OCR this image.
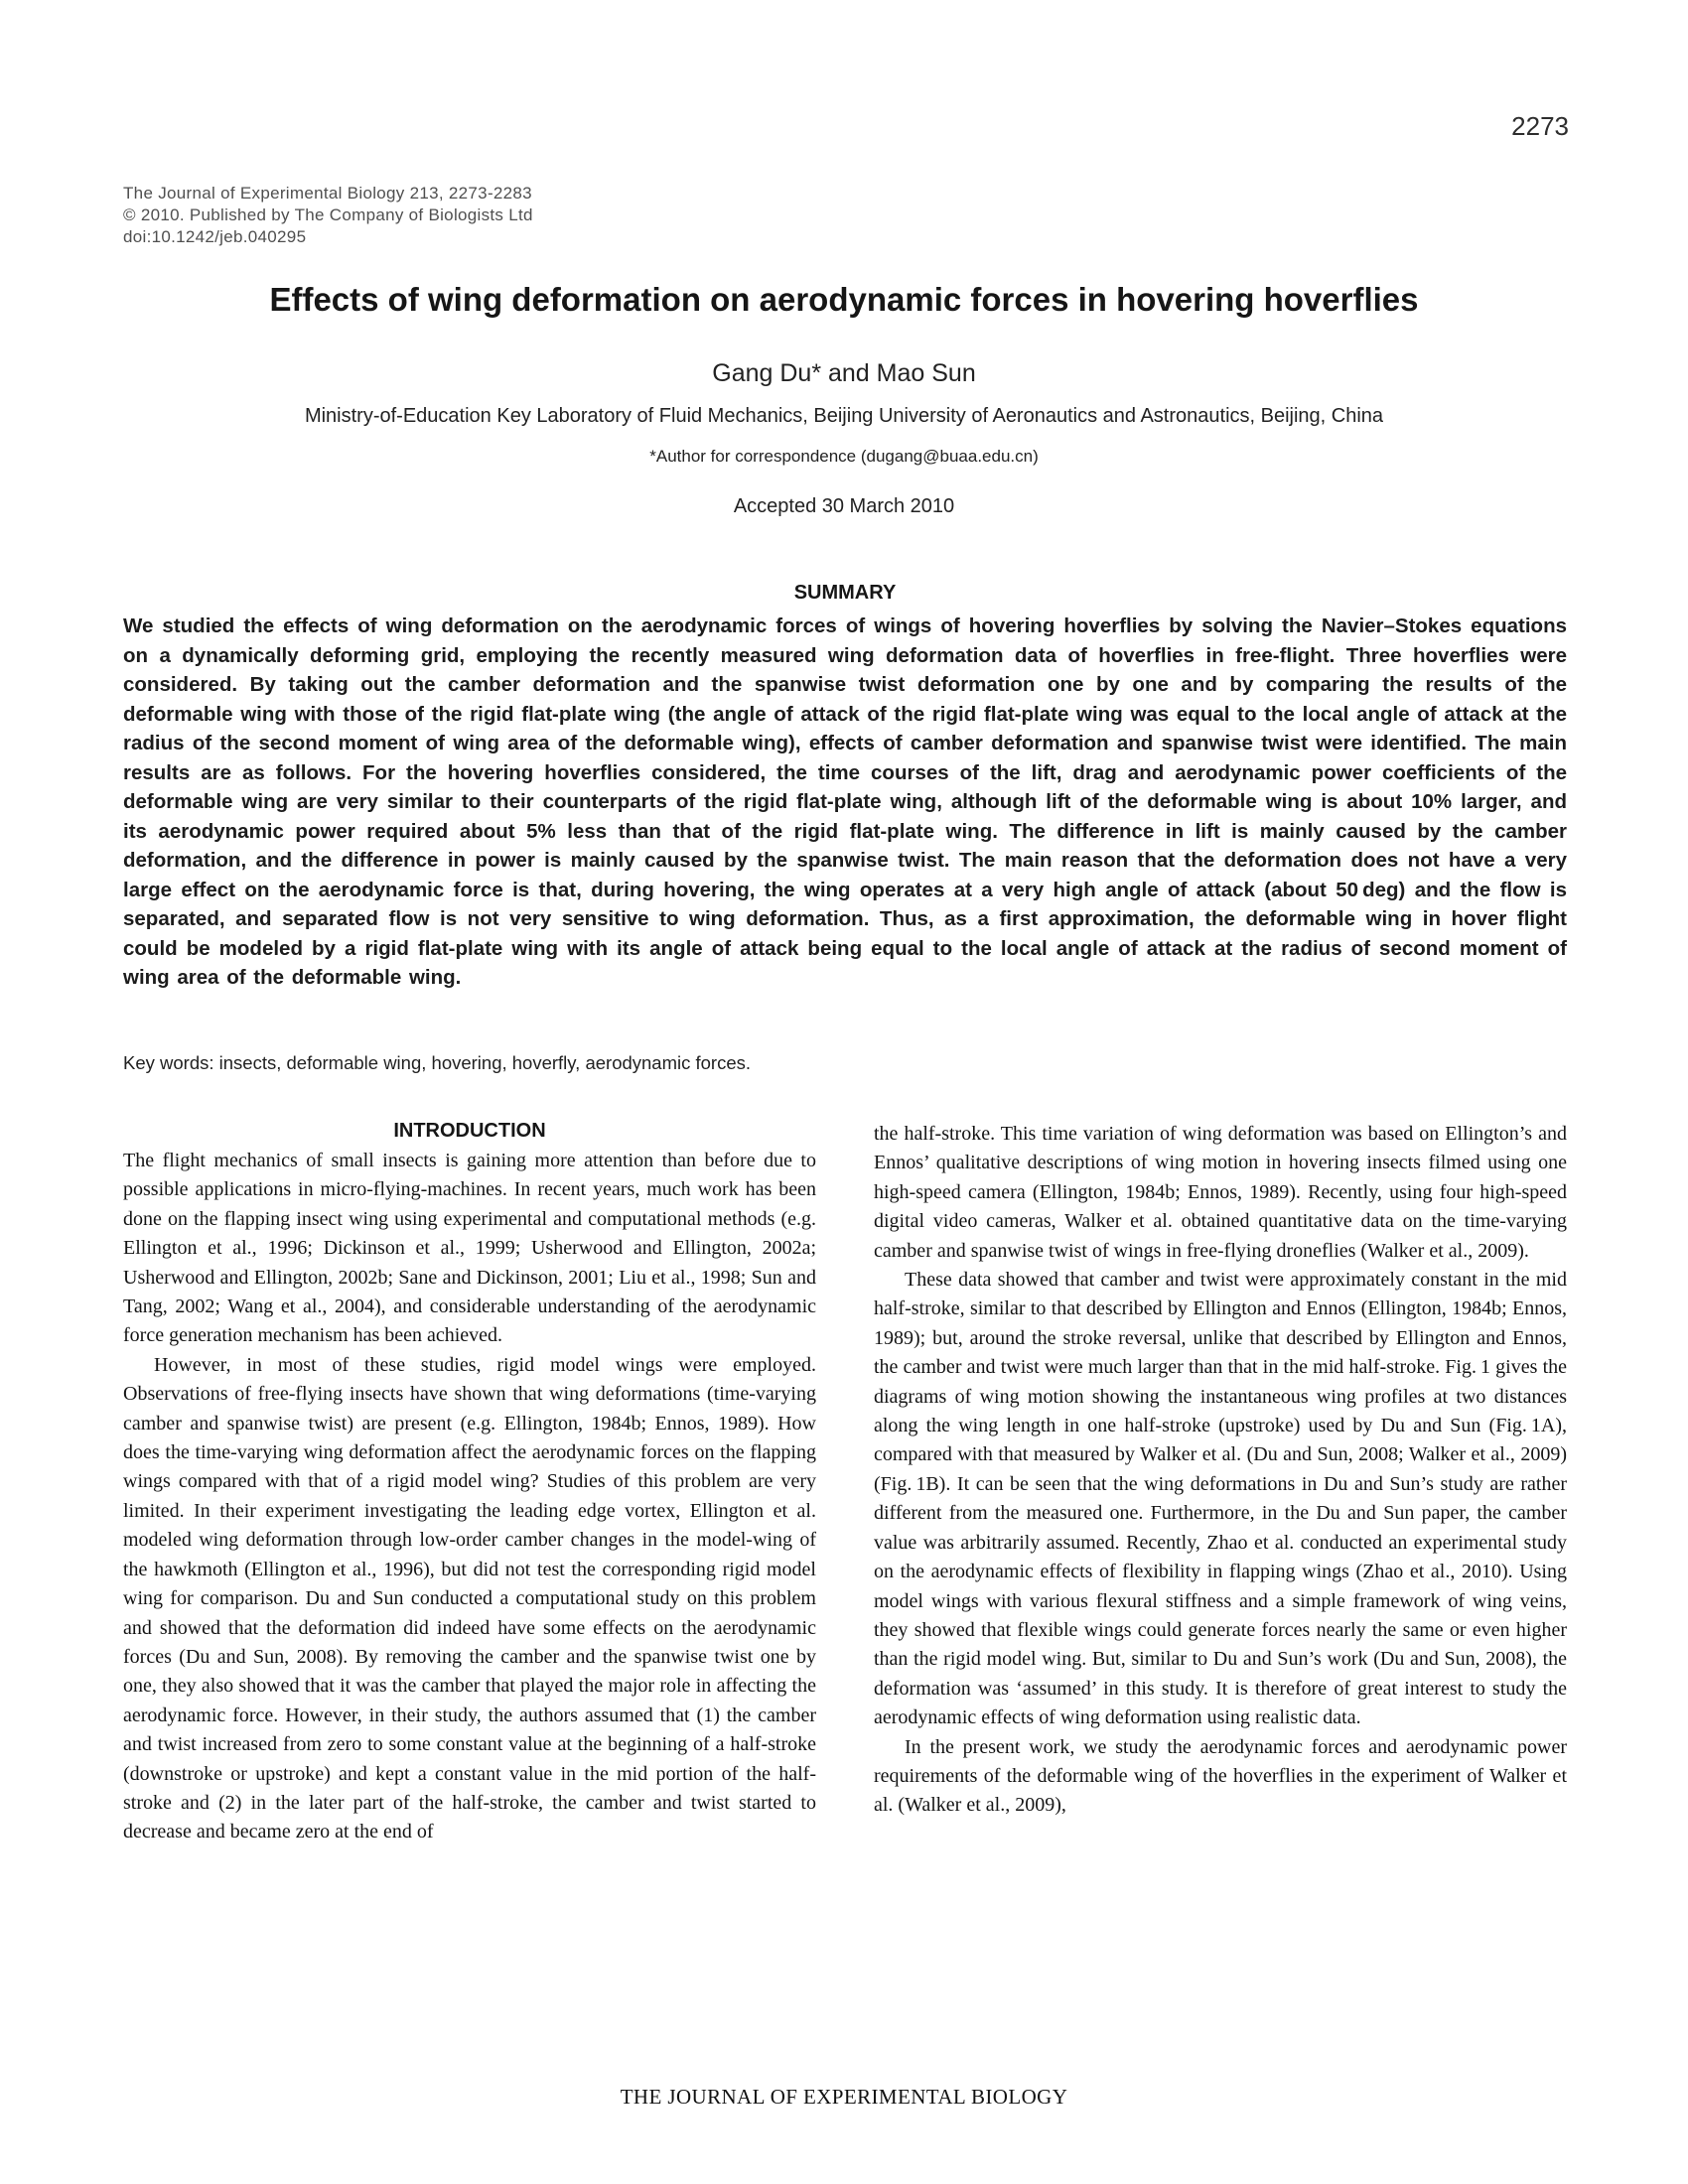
2273
The Journal of Experimental Biology 213, 2273-2283
© 2010. Published by The Company of Biologists Ltd
doi:10.1242/jeb.040295
Effects of wing deformation on aerodynamic forces in hovering hoverflies
Gang Du* and Mao Sun
Ministry-of-Education Key Laboratory of Fluid Mechanics, Beijing University of Aeronautics and Astronautics, Beijing, China
*Author for correspondence (dugang@buaa.edu.cn)
Accepted 30 March 2010
SUMMARY

We studied the effects of wing deformation on the aerodynamic forces of wings of hovering hoverflies by solving the Navier–Stokes equations on a dynamically deforming grid, employing the recently measured wing deformation data of hoverflies in free-flight. Three hoverflies were considered. By taking out the camber deformation and the spanwise twist deformation one by one and by comparing the results of the deformable wing with those of the rigid flat-plate wing (the angle of attack of the rigid flat-plate wing was equal to the local angle of attack at the radius of the second moment of wing area of the deformable wing), effects of camber deformation and spanwise twist were identified. The main results are as follows. For the hovering hoverflies considered, the time courses of the lift, drag and aerodynamic power coefficients of the deformable wing are very similar to their counterparts of the rigid flat-plate wing, although lift of the deformable wing is about 10% larger, and its aerodynamic power required about 5% less than that of the rigid flat-plate wing. The difference in lift is mainly caused by the camber deformation, and the difference in power is mainly caused by the spanwise twist. The main reason that the deformation does not have a very large effect on the aerodynamic force is that, during hovering, the wing operates at a very high angle of attack (about 50 deg) and the flow is separated, and separated flow is not very sensitive to wing deformation. Thus, as a first approximation, the deformable wing in hover flight could be modeled by a rigid flat-plate wing with its angle of attack being equal to the local angle of attack at the radius of second moment of wing area of the deformable wing.

Key words: insects, deformable wing, hovering, hoverfly, aerodynamic forces.
INTRODUCTION

The flight mechanics of small insects is gaining more attention than before due to possible applications in micro-flying-machines. In recent years, much work has been done on the flapping insect wing using experimental and computational methods (e.g. Ellington et al., 1996; Dickinson et al., 1999; Usherwood and Ellington, 2002a; Usherwood and Ellington, 2002b; Sane and Dickinson, 2001; Liu et al., 1998; Sun and Tang, 2002; Wang et al., 2004), and considerable understanding of the aerodynamic force generation mechanism has been achieved.

However, in most of these studies, rigid model wings were employed. Observations of free-flying insects have shown that wing deformations (time-varying camber and spanwise twist) are present (e.g. Ellington, 1984b; Ennos, 1989). How does the time-varying wing deformation affect the aerodynamic forces on the flapping wings compared with that of a rigid model wing? Studies of this problem are very limited. In their experiment investigating the leading edge vortex, Ellington et al. modeled wing deformation through low-order camber changes in the model-wing of the hawkmoth (Ellington et al., 1996), but did not test the corresponding rigid model wing for comparison. Du and Sun conducted a computational study on this problem and showed that the deformation did indeed have some effects on the aerodynamic forces (Du and Sun, 2008). By removing the camber and the spanwise twist one by one, they also showed that it was the camber that played the major role in affecting the aerodynamic force. However, in their study, the authors assumed that (1) the camber and twist increased from zero to some constant value at the beginning of a half-stroke (downstroke or upstroke) and kept a constant value in the mid portion of the half-stroke and (2) in the later part of the half-stroke, the camber and twist started to decrease and became zero at the end of

the half-stroke. This time variation of wing deformation was based on Ellington’s and Ennos’ qualitative descriptions of wing motion in hovering insects filmed using one high-speed camera (Ellington, 1984b; Ennos, 1989). Recently, using four high-speed digital video cameras, Walker et al. obtained quantitative data on the time-varying camber and spanwise twist of wings in free-flying droneflies (Walker et al., 2009).

These data showed that camber and twist were approximately constant in the mid half-stroke, similar to that described by Ellington and Ennos (Ellington, 1984b; Ennos, 1989); but, around the stroke reversal, unlike that described by Ellington and Ennos, the camber and twist were much larger than that in the mid half-stroke. Fig. 1 gives the diagrams of wing motion showing the instantaneous wing profiles at two distances along the wing length in one half-stroke (upstroke) used by Du and Sun (Fig. 1A), compared with that measured by Walker et al. (Du and Sun, 2008; Walker et al., 2009) (Fig. 1B). It can be seen that the wing deformations in Du and Sun’s study are rather different from the measured one. Furthermore, in the Du and Sun paper, the camber value was arbitrarily assumed. Recently, Zhao et al. conducted an experimental study on the aerodynamic effects of flexibility in flapping wings (Zhao et al., 2010). Using model wings with various flexural stiffness and a simple framework of wing veins, they showed that flexible wings could generate forces nearly the same or even higher than the rigid model wing. But, similar to Du and Sun’s work (Du and Sun, 2008), the deformation was ‘assumed’ in this study. It is therefore of great interest to study the aerodynamic effects of wing deformation using realistic data.

In the present work, we study the aerodynamic forces and aerodynamic power requirements of the deformable wing of the hoverflies in the experiment of Walker et al. (Walker et al., 2009),

THE JOURNAL OF EXPERIMENTAL BIOLOGY
